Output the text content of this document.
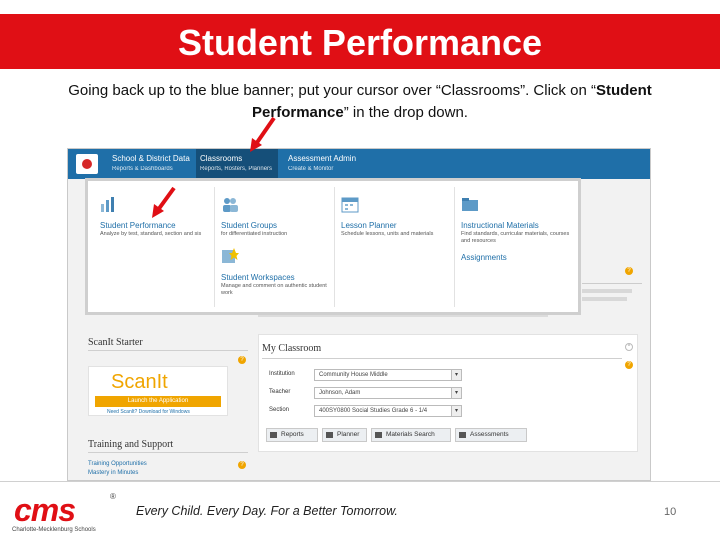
Student Performance
Going back up to the blue banner; put your cursor over “Classrooms”. Click on “Student Performance” in the drop down.
School & District Data
Reports & Dashboards
Classrooms
Reports, Rosters, Planners
Assessment Admin
Create & Monitor
?
Student Performance
Analyze by test, standard, section and sis
Student Groups
for differentiated instruction
Lesson Planner
Schedule lessons, units and materials
Instructional Materials
Find standards, curricular materials, courses and resources
Student Workspaces
Manage and comment on authentic student work
Assignments
ScanIt Starter
?
ScanIt
Launch the Application
Need ScanIt? Download for Windows
Training and Support
?
Training Opportunities
Mastery in Minutes
My Classroom	^
?
Institution	Community House Middle	▾
Teacher	Johnson, Adam	▾
Section	400SY0800 Social Studies Grade 6 - 1/4	▾
Reports	Planner	Materials Search	Assessments
cms	®
Charlotte-Mecklenburg Schools
Every Child. Every Day. For a Better Tomorrow.	10
